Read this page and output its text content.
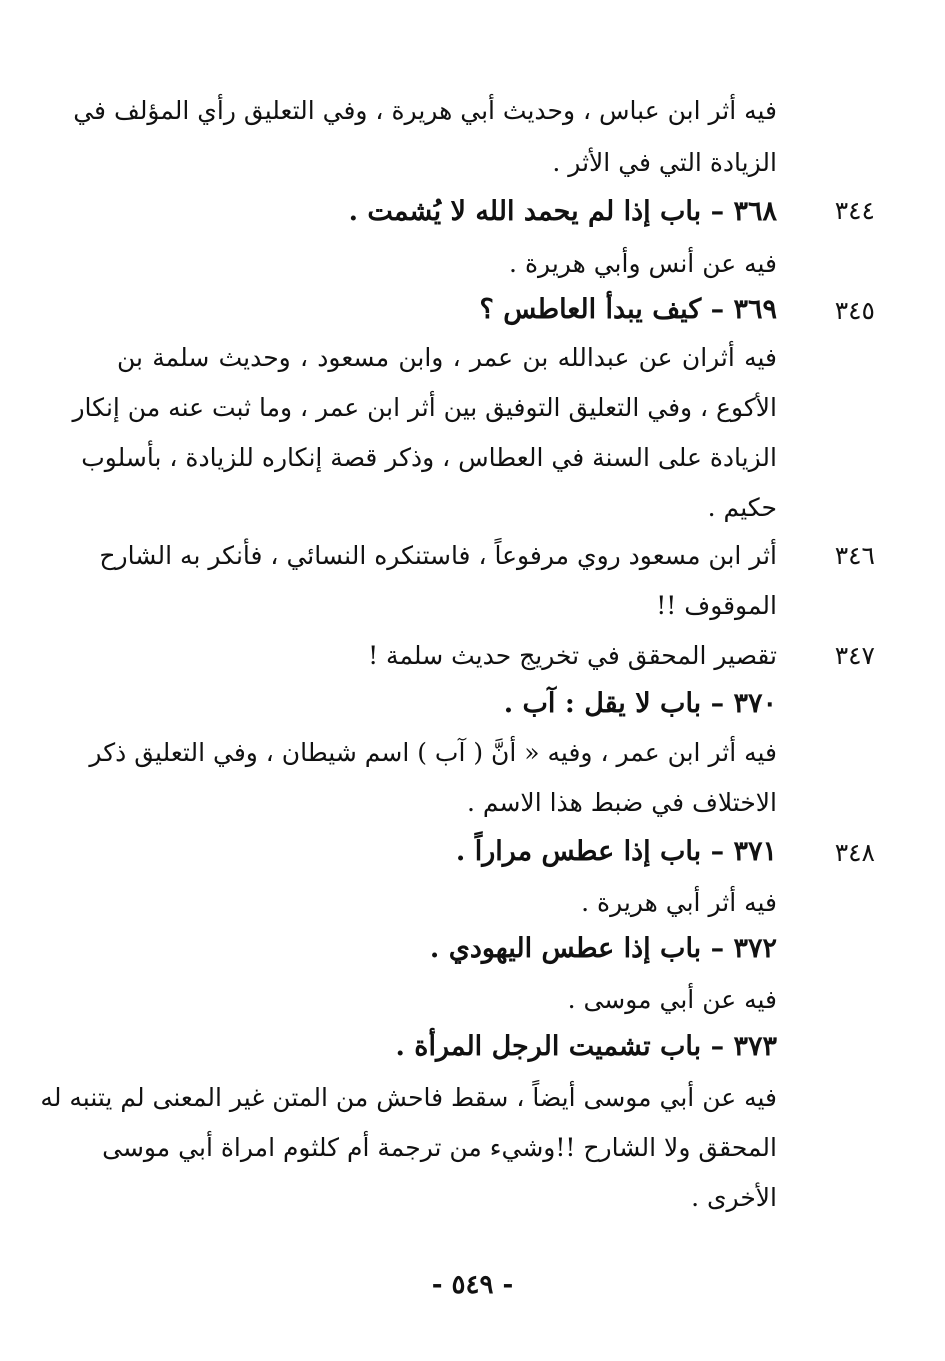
فيه أثر ابن عباس ، وحديث أبي هريرة ، وفي التعليق رأي المؤلف في
الزيادة التي في الأثر .
٣٦٨ – باب إذا لم يحمد الله لا يُشمت .
فيه عن أنس وأبي هريرة .
٣٦٩ – كيف يبدأ العاطس ؟
فيه أثران عن عبدالله بن عمر ، وابن مسعود ، وحديث سلمة بن
الأكوع ، وفي التعليق التوفيق بين أثر ابن عمر ، وما ثبت عنه من إنكار
الزيادة على السنة في العطاس ، وذكر قصة إنكاره للزيادة ، بأسلوب
حكيم .
أثر ابن مسعود روي مرفوعاً ، فاستنكره النسائي ، فأنكر به الشارح
الموقوف !!
تقصير المحقق في تخريج حديث سلمة !
٣٧٠ – باب لا يقل : آب .
فيه أثر ابن عمر ، وفيه « أنَّ ( آب ) اسم شيطان ، وفي التعليق ذكر
الاختلاف في ضبط هذا الاسم .
٣٧١ – باب إذا عطس مراراً .
فيه أثر أبي هريرة .
٣٧٢ – باب إذا عطس اليهودي .
فيه عن أبي موسى .
٣٧٣ – باب تشميت الرجل المرأة .
فيه عن أبي موسى أيضاً ، سقط فاحش من المتن غير المعنى لم يتنبه له
المحقق ولا الشارح !!وشيء من ترجمة أم كلثوم امراة أبي موسى
الأخرى .
٣٤٤
٣٤٥
٣٤٦
٣٤٧
٣٤٨
- ٥٤٩ -
